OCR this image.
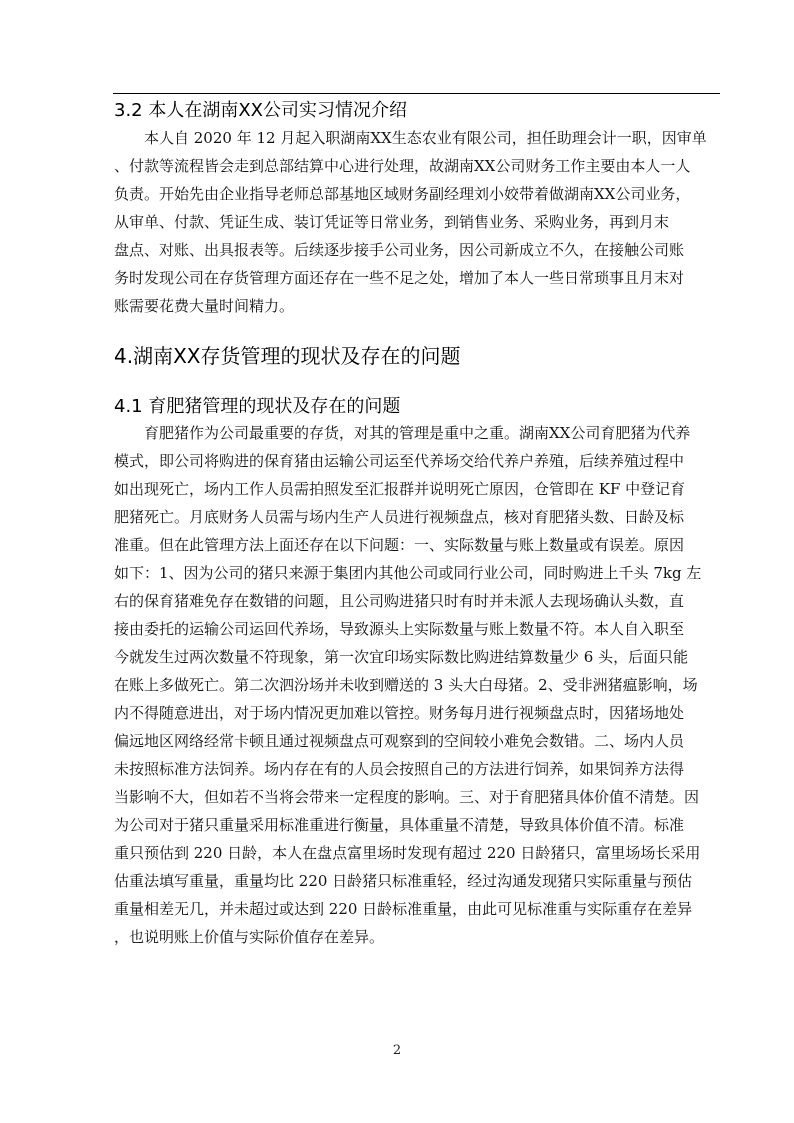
3.2 本人在湖南XX公司实习情况介绍
　　本人自 2020 年 12 月起入职湖南XX生态农业有限公司，担任助理会计一职，因审单
、付款等流程皆会走到总部结算中心进行处理，故湖南XX公司财务工作主要由本人一人
负责。开始先由企业指导老师总部基地区域财务副经理刘小姣带着做湖南XX公司业务，
从审单、付款、凭证生成、装订凭证等日常业务，到销售业务、采购业务，再到月末
盘点、对账、出具报表等。后续逐步接手公司业务，因公司新成立不久，在接触公司账
务时发现公司在存货管理方面还存在一些不足之处，增加了本人一些日常琐事且月末对
账需要花费大量时间精力。
4.湖南XX存货管理的现状及存在的问题
4.1 育肥猪管理的现状及存在的问题
　　育肥猪作为公司最重要的存货，对其的管理是重中之重。湖南XX公司育肥猪为代养
模式，即公司将购进的保育猪由运输公司运至代养场交给代养户养殖，后续养殖过程中
如出现死亡，场内工作人员需拍照发至汇报群并说明死亡原因，仓管即在 KF 中登记育
肥猪死亡。月底财务人员需与场内生产人员进行视频盘点，核对育肥猪头数、日龄及标
准重。但在此管理方法上面还存在以下问题：一、实际数量与账上数量或有误差。原因
如下：1、因为公司的猪只来源于集团内其他公司或同行业公司，同时购进上千头 7kg 左
右的保育猪难免存在数错的问题，且公司购进猪只时有时并未派人去现场确认头数，直
接由委托的运输公司运回代养场，导致源头上实际数量与账上数量不符。本人自入职至
今就发生过两次数量不符现象，第一次宜印场实际数比购进结算数量少 6 头，后面只能
在账上多做死亡。第二次泗汾场并未收到赠送的 3 头大白母猪。2、受非洲猪瘟影响，场
内不得随意进出，对于场内情况更加难以管控。财务每月进行视频盘点时，因猪场地处
偏远地区网络经常卡顿且通过视频盘点可观察到的空间较小难免会数错。二、场内人员
未按照标准方法饲养。场内存在有的人员会按照自己的方法进行饲养，如果饲养方法得
当影响不大，但如若不当将会带来一定程度的影响。三、对于育肥猪具体价值不清楚。因
为公司对于猪只重量采用标准重进行衡量，具体重量不清楚，导致具体价值不清。标准
重只预估到 220 日龄，本人在盘点富里场时发现有超过 220 日龄猪只，富里场场长采用
估重法填写重量，重量均比 220 日龄猪只标准重轻，经过沟通发现猪只实际重量与预估
重量相差无几，并未超过或达到 220 日龄标准重量，由此可见标准重与实际重存在差异
，也说明账上价值与实际价值存在差异。
2
